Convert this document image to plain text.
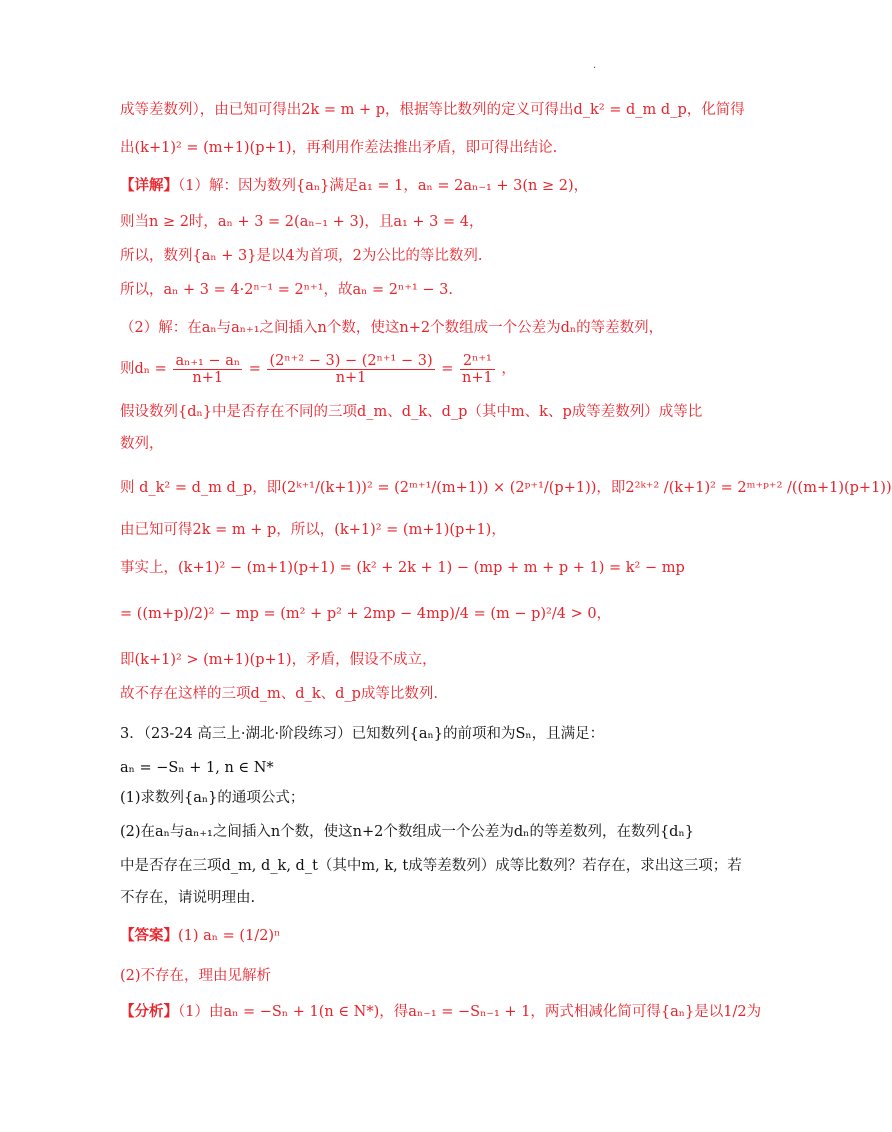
·
成等差数列），由已知可得出2k = m + p，根据等比数列的定义可得出d_k² = d_m d_p，化简得
出(k+1)² = (m+1)(p+1)，再利用作差法推出矛盾，即可得出结论.
【详解】（1）解：因为数列{aₙ}满足a₁ = 1，aₙ = 2aₙ₋₁ + 3(n ≥ 2)，
则当n ≥ 2时，aₙ + 3 = 2(aₙ₋₁ + 3)，且a₁ + 3 = 4，
所以，数列{aₙ + 3}是以4为首项，2为公比的等比数列.
所以，aₙ + 3 = 4·2ⁿ⁻¹ = 2ⁿ⁺¹，故aₙ = 2ⁿ⁺¹ − 3.
（2）解：在aₙ与aₙ₊₁之间插入n个数，使这n+2个数组成一个公差为dₙ的等差数列，
则$d_n = \frac{\text{aₙ₊₁ − aₙ}}{n+1} = \frac{\text{(2ⁿ⁺² − 3) − (2ⁿ⁺¹ − 3)}}{n+1} = \frac{\text{2ⁿ⁺¹}}{n+1}$ ，
假设数列{dₙ}中是否存在不同的三项d_m、d_k、d_p（其中m、k、p成等差数列）成等比
数列，
则 d_k² = d_m d_p，即(2ᵏ⁺¹/(k+1))² = (2ᵐ⁺¹/(m+1)) × (2ᵖ⁺¹/(p+1))，即2²ᵏ⁺² /(k+1)² = 2ᵐ⁺ᵖ⁺² /((m+1)(p+1))
由已知可得2k = m + p，所以，(k+1)² = (m+1)(p+1)，
事实上，(k+1)² − (m+1)(p+1) = (k² + 2k + 1) − (mp + m + p + 1) = k² − mp
= ((m+p)/2)² − mp = (m² + p² + 2mp − 4mp)/4 = (m − p)²/4 > 0，
即(k+1)² > (m+1)(p+1)，矛盾，假设不成立，
故不存在这样的三项d_m、d_k、d_p成等比数列.
3．（23-24 高三上·湖北·阶段练习）已知数列{aₙ}的前项和为Sₙ，且满足：
aₙ = −Sₙ + 1, n ∈ N*
(1)求数列{aₙ}的通项公式；
(2)在aₙ与aₙ₊₁之间插入n个数，使这n+2个数组成一个公差为dₙ的等差数列，在数列{dₙ}
中是否存在三项d_m, d_k, d_t（其中m, k, t成等差数列）成等比数列？若存在，求出这三项；若
不存在，请说明理由.
【答案】(1) aₙ = (1/2)ⁿ
(2)不存在，理由见解析
【分析】（1）由aₙ = −Sₙ + 1(n ∈ N*)，得aₙ₋₁ = −Sₙ₋₁ + 1，两式相减化简可得{aₙ}是以1/2为
